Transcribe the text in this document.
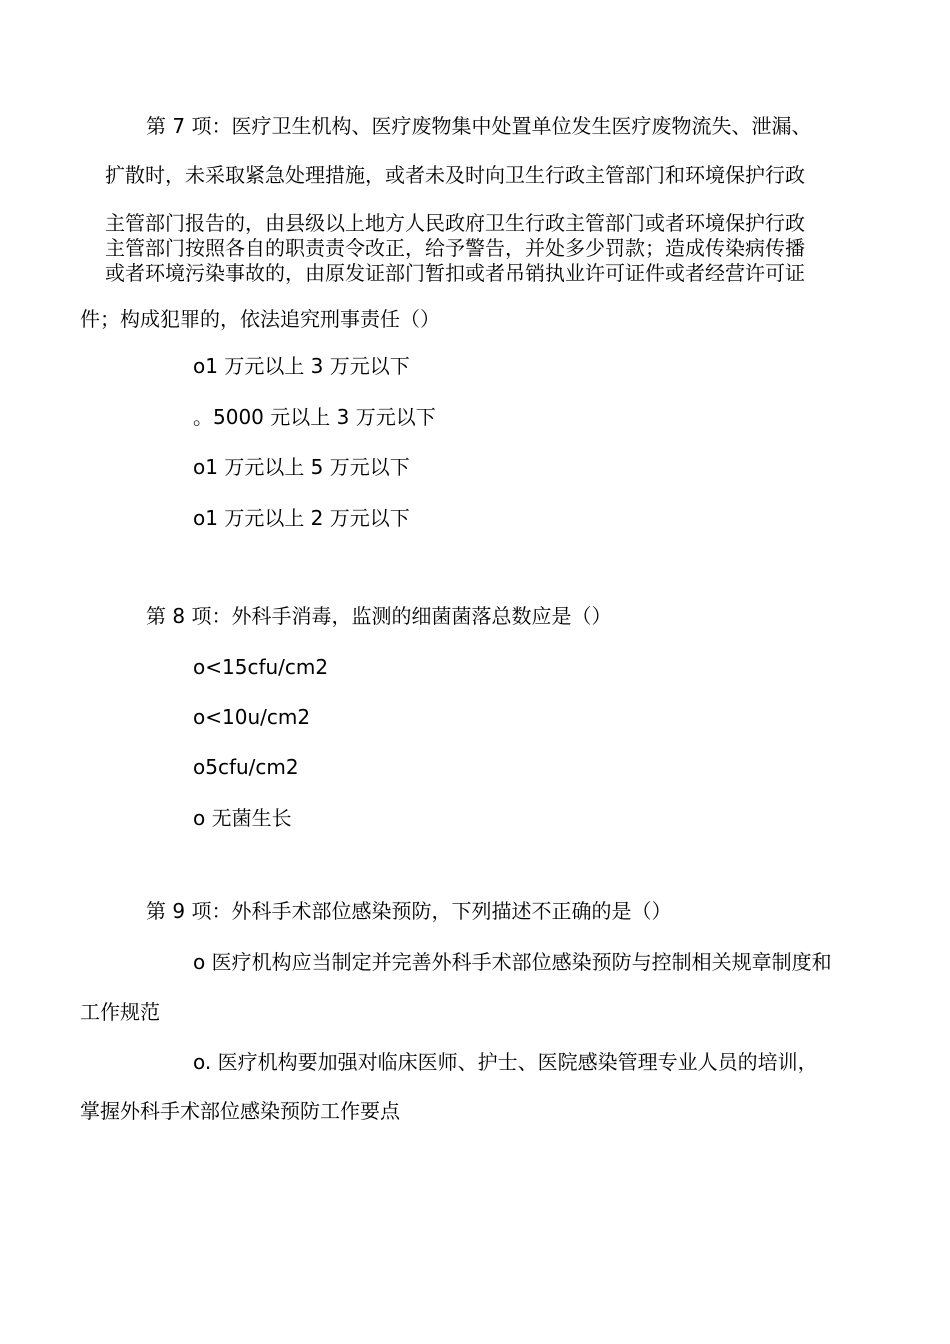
第 7 项：医疗卫生机构、医疗废物集中处置单位发生医疗废物流失、泄漏、
扩散时，未采取紧急处理措施，或者未及时向卫生行政主管部门和环境保护行政
主管部门报告的，由县级以上地方人民政府卫生行政主管部门或者环境保护行政
主管部门按照各自的职责责令改正，给予警告，并处多少罚款；造成传染病传播
或者环境污染事故的，由原发证部门暂扣或者吊销执业许可证件或者经营许可证
件；构成犯罪的，依法追究刑事责任（）
o1 万元以上 3 万元以下
。5000 元以上 3 万元以下
o1 万元以上 5 万元以下
o1 万元以上 2 万元以下
第 8 项：外科手消毒，监测的细菌菌落总数应是（）
o<15cfu/cm2
o<10u/cm2
o5cfu/cm2
o 无菌生长
第 9 项：外科手术部位感染预防，下列描述不正确的是（）
o 医疗机构应当制定并完善外科手术部位感染预防与控制相关规章制度和
工作规范
o. 医疗机构要加强对临床医师、护士、医院感染管理专业人员的培训，
掌握外科手术部位感染预防工作要点
